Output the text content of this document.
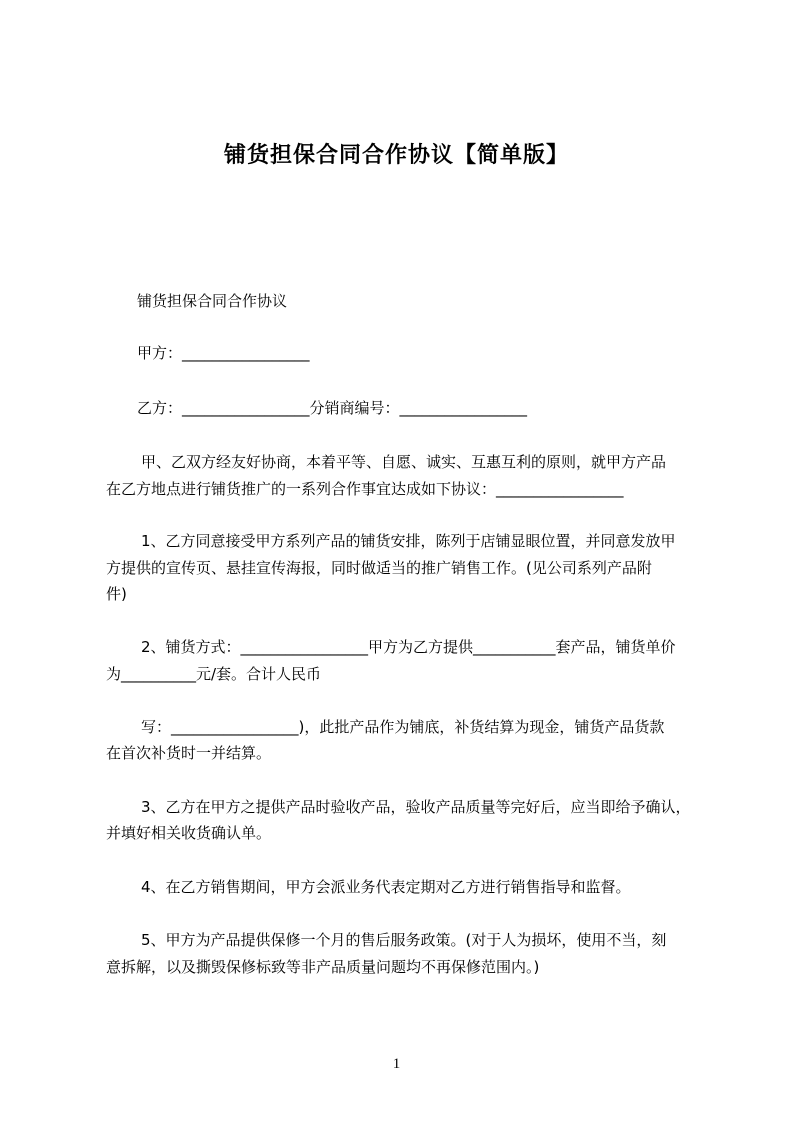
铺货担保合同合作协议【简单版】

铺货担保合同合作协议

甲方：_________________

乙方：_________________分销商编号：_________________

甲、乙双方经友好协商，本着平等、自愿、诚实、互惠互利的原则，就甲方产品

在乙方地点进行铺货推广的一系列合作事宜达成如下协议：_________________

1、乙方同意接受甲方系列产品的铺货安排，陈列于店铺显眼位置，并同意发放甲

方提供的宣传页、悬挂宣传海报，同时做适当的推广销售工作。(见公司系列产品附

件)

2、铺货方式：_________________甲方为乙方提供___________套产品，铺货单价

为__________元/套。合计人民币

写：_________________)，此批产品作为铺底，补货结算为现金，铺货产品货款

在首次补货时一并结算。

3、乙方在甲方之提供产品时验收产品，验收产品质量等完好后，应当即给予确认，

并填好相关收货确认单。

4、在乙方销售期间，甲方会派业务代表定期对乙方进行销售指导和监督。

5、甲方为产品提供保修一个月的售后服务政策。(对于人为损坏，使用不当，刻

意拆解，以及撕毁保修标致等非产品质量问题均不再保修范围内。)

1
